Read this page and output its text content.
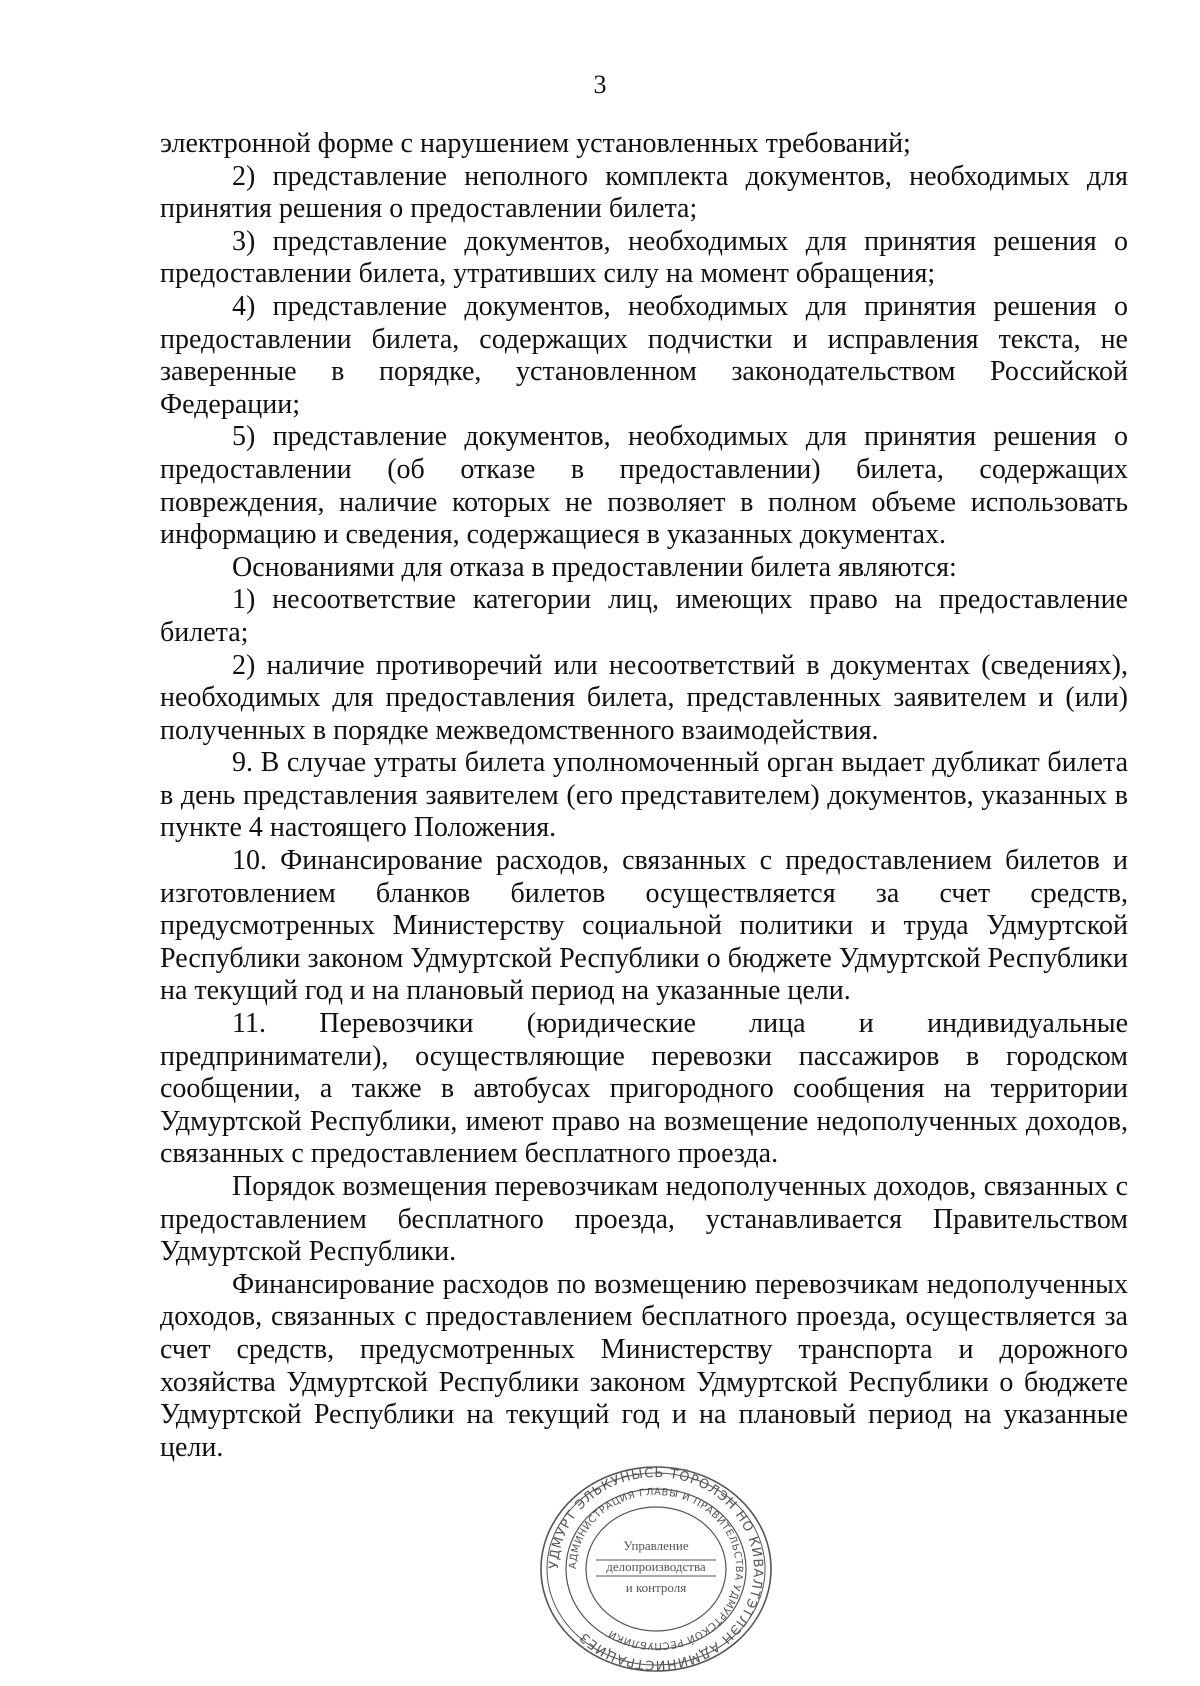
3

электронной форме с нарушением установленных требований;

2) представление неполного комплекта документов, необходимых для принятия решения о предоставлении билета;

3) представление документов, необходимых для принятия решения о предоставлении билета, утративших силу на момент обращения;

4) представление документов, необходимых для принятия решения о предоставлении билета, содержащих подчистки и исправления текста, не заверенные в порядке, установленном законодательством Российской Федерации;

5) представление документов, необходимых для принятия решения о предоставлении (об отказе в предоставлении) билета, содержащих повреждения, наличие которых не позволяет в полном объеме использовать информацию и сведения, содержащиеся в указанных документах.

Основаниями для отказа в предоставлении билета являются:

1) несоответствие категории лиц, имеющих право на предоставление билета;

2) наличие противоречий или несоответствий в документах (сведениях), необходимых для предоставления билета, представленных заявителем и (или) полученных в порядке межведомственного взаимодействия.

9. В случае утраты билета уполномоченный орган выдает дубликат билета в день представления заявителем (его представителем) документов, указанных в пункте 4 настоящего Положения.

10. Финансирование расходов, связанных с предоставлением билетов и изготовлением бланков билетов осуществляется за счет средств, предусмотренных Министерству социальной политики и труда Удмуртской Республики законом Удмуртской Республики о бюджете Удмуртской Республики на текущий год и на плановый период на указанные цели.

11. Перевозчики (юридические лица и индивидуальные предприниматели), осуществляющие перевозки пассажиров в городском сообщении, а также в автобусах пригородного сообщения на территории Удмуртской Республики, имеют право на возмещение недополученных доходов, связанных с предоставлением бесплатного проезда.

Порядок возмещения перевозчикам недополученных доходов, связанных с предоставлением бесплатного проезда, устанавливается Правительством Удмуртской Республики.

Финансирование расходов по возмещению перевозчикам недополученных доходов, связанных с предоставлением бесплатного проезда, осуществляется за счет средств, предусмотренных Министерству транспорта и дорожного хозяйства Удмуртской Республики законом Удмуртской Республики о бюджете Удмуртской Республики на текущий год и на плановый период на указанные цели.

УДМУРТ ЭЛЬКУНЫСЬ ТӦРОЛЭН НО КИВАЛТЭТЛЭН АДМИНИСТРАЦИЕЗ
АДМИНИСТРАЦИЯ ГЛАВЫ И ПРАВИТЕЛЬСТВА УДМУРТСКОЙ РЕСПУБЛИКИ
Управление
делопроизводства
и контроля
